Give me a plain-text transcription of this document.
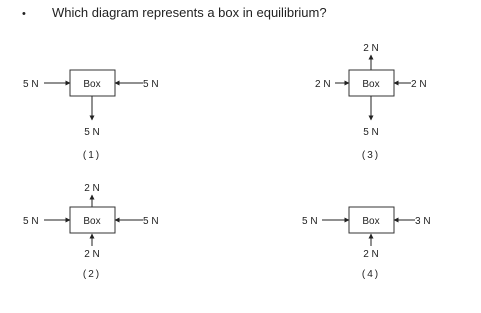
• Which diagram represents a box in equilibrium?
Box
5 N	5 N
5 N
(1)
2 N
Box
2 N	2 N
5 N
(3)
2 N
Box
5 N	5 N
2 N
(2)
Box
5 N	3 N
2 N
(4)
